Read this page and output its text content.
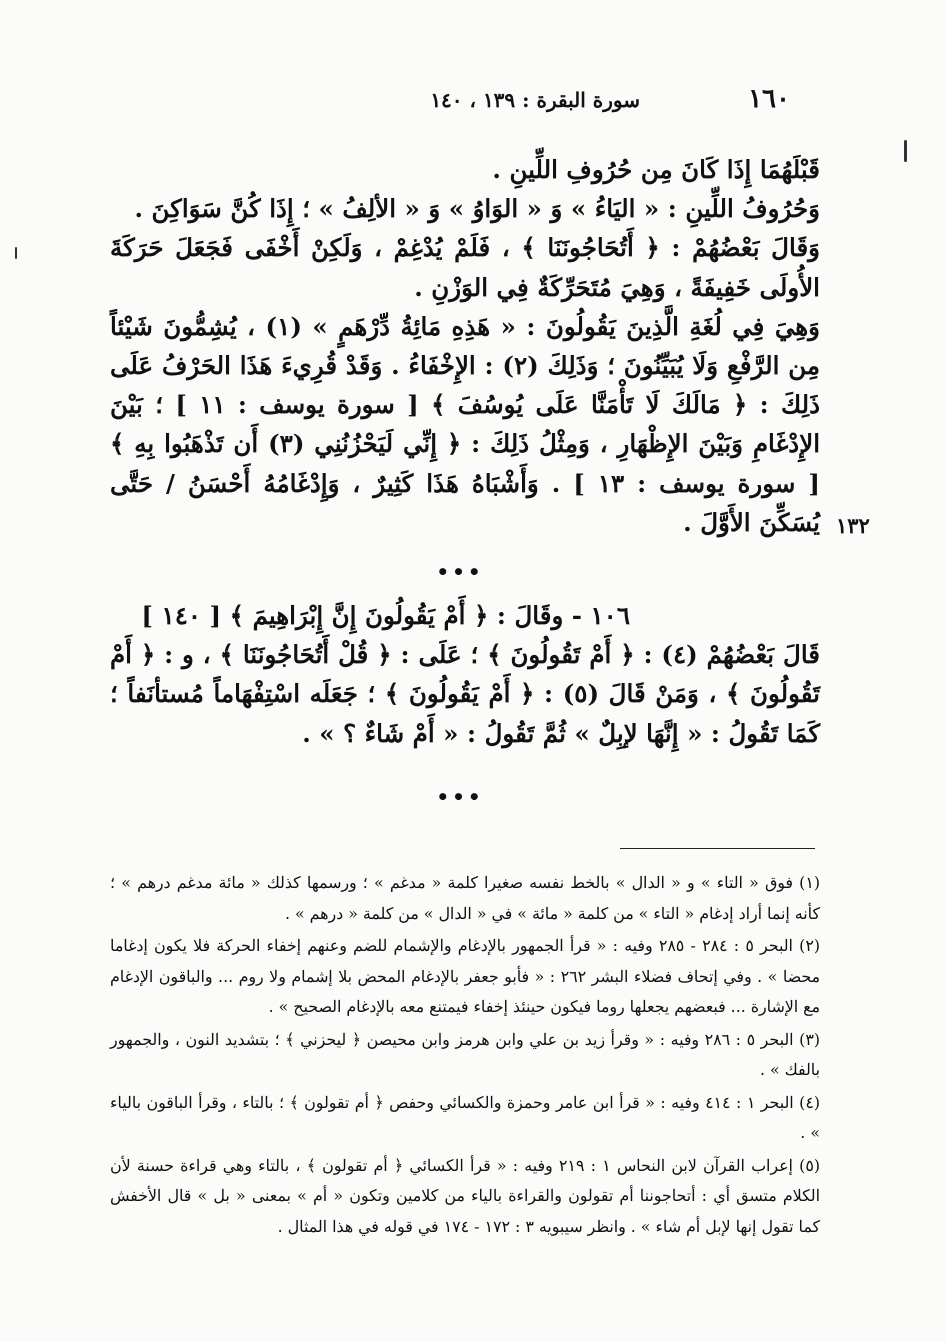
١٦٠
سورة البقرة : ١٣٩ ، ١٤٠

قَبْلَهُمَا إِذَا كَانَ مِن حُرُوفِ اللِّينِ .

وَحُرُوفُ اللِّينِ : « اليَاءُ » وَ « الوَاوُ » وَ « الألِفُ » ؛ إِذَا كُنَّ سَوَاكِنَ .

وَقَالَ بَعْضُهُمْ : ﴿ أَتُحَاجُونَنَا ﴾ ، فَلَمْ يُدْغِمْ ، وَلَكِنْ أَخْفَى فَجَعَلَ حَرَكَةَ الأُولَى خَفِيفَةً ، وَهِيَ مُتَحَرِّكَةٌ فِي الوَزْنِ .

وَهِيَ فِي لُغَةِ الَّذِينَ يَقُولُونَ : « هَذِهِ مَائِةُ دِّرْهَمٍ » (١) ، يُشِمُّونَ شَيْئاً مِن الرَّفْعِ وَلَا يُبَيِّنُونَ ؛ وَذَلِكَ (٢) : الإِخْفَاءُ . وَقَدْ قُرِيءَ هَذَا الحَرْفُ عَلَى ذَلِكَ : ﴿ مَالَكَ لَا تَأْمَنَّا عَلَى يُوسُفَ ﴾ [ سورة يوسف : ١١ ] ؛ بَيْنَ الإِدْغَامِ وَبَيْنَ الإِظْهَارِ ، وَمِثْلُ ذَلِكَ : ﴿ إِنِّي لَيَحْزُنُنِي (٣) أَن تَذْهَبُوا بِهِ ﴾ [ سورة يوسف : ١٣ ] . وَأَشْبَاهُ هَذَا كَثِيرٌ ، وَإِدْغَامُهُ أَحْسَنُ / حَتَّى يُسَكِّنَ الأَوَّلَ . ١٣٢
•••

١٠٦ - وقَالَ : ﴿ أَمْ يَقُولُونَ إِنَّ إِبْرَاهِيمَ ﴾ [ ١٤٠ ]

قَالَ بَعْضُهُمْ (٤) : ﴿ أَمْ تَقُولُونَ ﴾ ؛ عَلَى : ﴿ قُلْ أَتُحَاجُونَنَا ﴾ ، و : ﴿ أَمْ تَقُولُونَ ﴾ ، وَمَنْ قَالَ (٥) : ﴿ أَمْ يَقُولُونَ ﴾ ؛ جَعَلَه اسْتِفْهَاماً مُستأنَفاً ؛ كَمَا تَقُولُ : « إِنَّهَا لإبِلٌ » ثُمَّ تَقُولُ : « أَمْ شَاءٌ ؟ » .

•••

(١) فوق « التاء » و « الدال » بالخط نفسه صغيرا كلمة « مدغم » ؛ ورسمها كذلك « مائة مدغم درهم » ؛ كأنه إنما أراد إدغام « التاء » من كلمة « مائة » في « الدال » من كلمة « درهم » .

(٢) البحر ٥ : ٢٨٤ - ٢٨٥ وفيه : « قرأ الجمهور بالإدغام والإشمام للضم وعنهم إخفاء الحركة فلا يكون إدغاما محضا » . وفي إتحاف فضلاء البشر ٢٦٢ : « فأبو جعفر بالإدغام المحض بلا إشمام ولا روم ... والباقون الإدغام مع الإشارة ... فبعضهم يجعلها روما فيكون حينئذ إخفاء فيمتنع معه بالإدغام الصحيح » .

(٣) البحر ٥ : ٢٨٦ وفيه : « وقرأ زيد بن علي وابن هرمز وابن محيصن ﴿ ليحزني ﴾ ؛ بتشديد النون ، والجمهور بالفك » .

(٤) البحر ١ : ٤١٤ وفيه : « قرأ ابن عامر وحمزة والكسائي وحفص ﴿ أم تقولون ﴾ ؛ بالتاء ، وقرأ الباقون بالياء » .

(٥) إعراب القرآن لابن النحاس ١ : ٢١٩ وفيه : « قرأ الكسائي ﴿ أم تقولون ﴾ ، بالتاء وهي قراءة حسنة لأن الكلام متسق أي : أتحاجوننا أم تقولون والقراءة بالياء من كلامين وتكون « أم » بمعنى « بل » قال الأخفش كما تقول إنها لإبل أم شاء » . وانظر سيبويه ٣ : ١٧٢ - ١٧٤ في قوله في هذا المثال .
